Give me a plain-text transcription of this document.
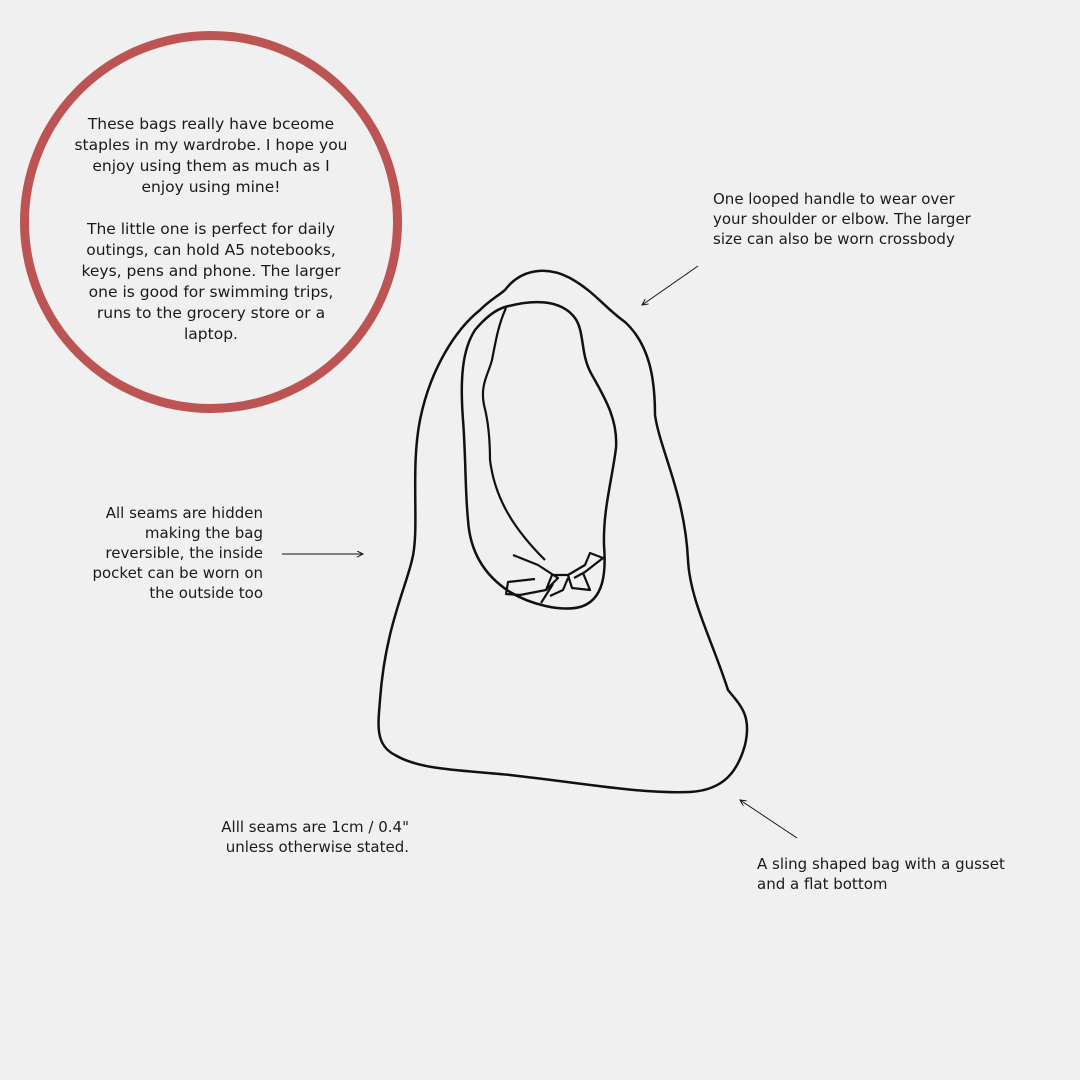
These bags really have bceome staples in my wardrobe. I hope you enjoy using them as much as I enjoy using mine!

The little one is perfect for daily outings, can hold A5 notebooks, keys, pens and phone. The larger one is good for swimming trips, runs to the grocery store or a laptop.
One looped handle to wear over your shoulder or elbow. The larger size can also be worn crossbody
All seams are hidden making the bag reversible, the inside pocket can be worn on the outside too
Alll seams are 1cm / 0.4"
unless otherwise stated.
A sling shaped bag with a gusset and a flat bottom
